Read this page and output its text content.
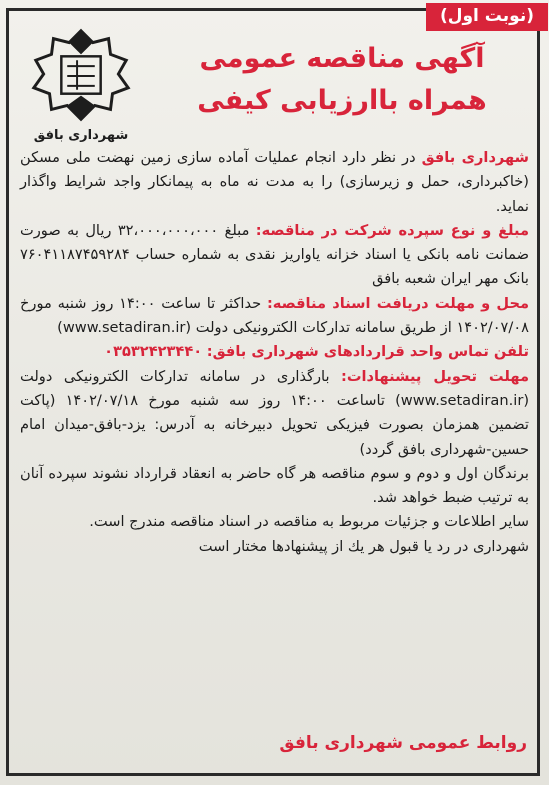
(نوبت اول)
شهرداری بافق
آگهی مناقصه عمومی
همراه باارزیابی کیفی

شهرداری بافق در نظر دارد انجام عملیات آماده سازی زمین نهضت ملی مسکن (خاکبرداری، حمل و زیرسازی) را به مدت نه ماه به پیمانکار واجد شرایط واگذار نماید.

مبلغ و نوع سپرده شرکت در مناقصه: مبلغ ۳۲،۰۰۰،۰۰۰،۰۰۰ ریال به صورت ضمانت نامه بانکی یا اسناد خزانه یاواریز نقدی به شماره حساب ۷۶۰۴۱۱۸۷۴۵۹۲۸۴ بانک مهر ایران شعبه بافق

محل و مهلت دریافت اسناد مناقصه: حداکثر تا ساعت ۱۴:۰۰ روز شنبه مورخ ۱۴۰۲/۰۷/۰۸ از طریق سامانه تدارکات الکترونیکی دولت (www.setadiran.ir)

تلفن تماس واحد قراردادهای شهرداری بافق: ۰۳۵۳۲۴۲۳۴۴۰

مهلت تحویل پیشنهادات: بارگذاری در سامانه تدارکات الکترونیکی دولت (www.setadiran.ir) تاساعت ۱۴:۰۰ روز سه شنبه مورخ ۱۴۰۲/۰۷/۱۸ (پاکت تضمین همزمان بصورت فیزیکی تحویل دبیرخانه به آدرس: یزد-بافق-میدان امام حسین-شهرداری بافق گردد)

برندگان اول و دوم و سوم مناقصه هر گاه حاضر به انعقاد قرارداد نشوند سپرده آنان به ترتیب ضبط خواهد شد.

سایر اطلاعات و جزئیات مربوط به مناقصه در اسناد مناقصه مندرج است.

شهرداری در رد یا قبول هر یك از پیشنهادها مختار است

روابط عمومی شهرداری بافق
